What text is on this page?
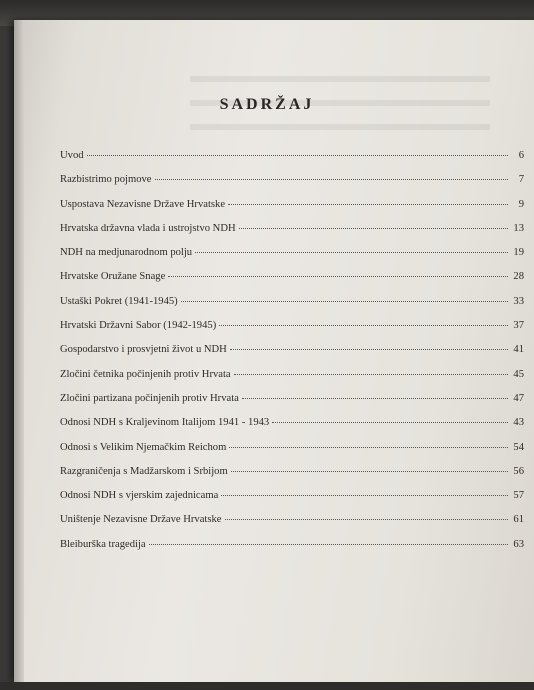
SADRŽAJ
Uvod	6
Razbistrimo pojmove	7
Uspostava Nezavisne Države Hrvatske	9
Hrvatska državna vlada i ustrojstvo NDH	13
NDH na medjunarodnom polju	19
Hrvatske Oružane Snage	28
Ustaški Pokret (1941-1945)	33
Hrvatski Državni Sabor (1942-1945)	37
Gospodarstvo i prosvjetni život u NDH	41
Zločini četnika počinjenih protiv Hrvata	45
Zločini partizana počinjenih protiv Hrvata	47
Odnosi NDH s Kraljevinom Italijom 1941 - 1943	43
Odnosi s Velikim Njemačkim Reichom	54
Razgraničenja s Madžarskom i Srbijom	56
Odnosi NDH s vjerskim zajednicama	57
Uništenje Nezavisne Države Hrvatske	61
Bleiburška tragedija	63
